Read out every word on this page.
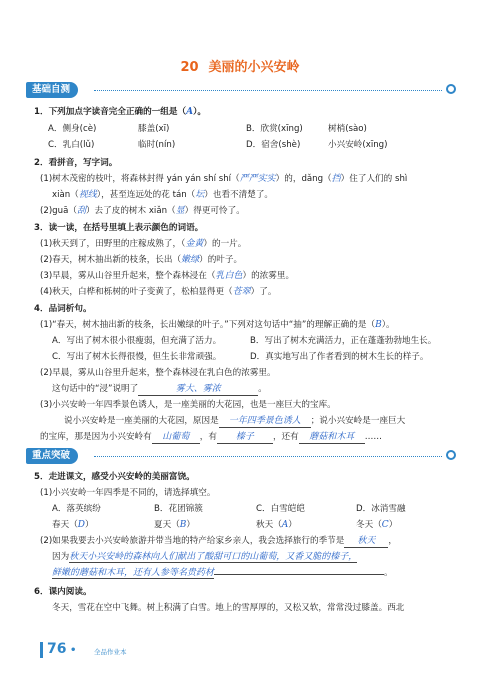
20 美丽的小兴安岭
基础自测
1．下列加点字读音完全正确的一组是（A）。
A．侧身(cè)	膝盖(xī)	B．欣赏(xīng)	树梢(sào)
C．乳白(lǔ)	临时(nín)	D．宿舍(shè)	小兴安岭(xīng)
2．看拼音，写字词。
(1)树木茂密的枝叶，将森林封得 yán yán shí shí（严严实实）的，dǎng（挡）住了人们的 shì
xiàn（视线），甚至连远处的花 tán（坛）也看不清楚了。
(2)guā（刮）去了皮的树木 xiǎn（显）得更可怜了。
3．读一读，在括号里填上表示颜色的词语。
(1)秋天到了，田野里的庄稼成熟了，（金黄）的一片。
(2)春天，树木抽出新的枝条，长出（嫩绿）的叶子。
(3)早晨，雾从山谷里升起来，整个森林浸在（乳白色）的浓雾里。
(4)秋天，白桦和栎树的叶子变黄了，松柏显得更（苍翠）了。
4．品词析句。
(1)“春天，树木抽出新的枝条，长出嫩绿的叶子。”下列对这句话中“抽”的理解正确的是（B）。
A．写出了树木很小很瘦弱，但充满了活力。	B．写出了树木充满活力，正在蓬蓬勃勃地生长。
C．写出了树木长得很慢，但生长非常顽强。	D．真实地写出了作者看到的树木生长的样子。
(2)早晨，雾从山谷里升起来，整个森林浸在乳白色的浓雾里。
这句话中的“浸”说明了	雾大、雾浓	。
(3)小兴安岭一年四季景色诱人，是一座美丽的大花园，也是一座巨大的宝库。
说小兴安岭是一座美丽的大花园，原因是 一年四季景色诱人 ；说小兴安岭是一座巨大
的宝库，那是因为小兴安岭有 山葡萄 ，有 榛子 ，还有 蘑菇和木耳 ……
重点突破
5．走进课文，感受小兴安岭的美丽富饶。
(1)小兴安岭一年四季是不同的，请选择填空。
A．落英缤纷	B．花团锦簇	C．白雪皑皑	D．冰消雪融
春天（D）	夏天（B）	秋天（A）	冬天（C）
(2)如果我要去小兴安岭旅游并带当地的特产给家乡亲人，我会选择旅行的季节是 秋天 ，
因为秋天小兴安岭的森林向人们献出了酸甜可口的山葡萄，又香又脆的榛子，
鲜嫩的蘑菇和木耳，还有人参等名贵药材	。
6．课内阅读。
冬天，雪花在空中飞舞。树上积满了白雪。地上的雪厚厚的，又松又软，常常没过膝盖。西北
76 •	全品作业本
